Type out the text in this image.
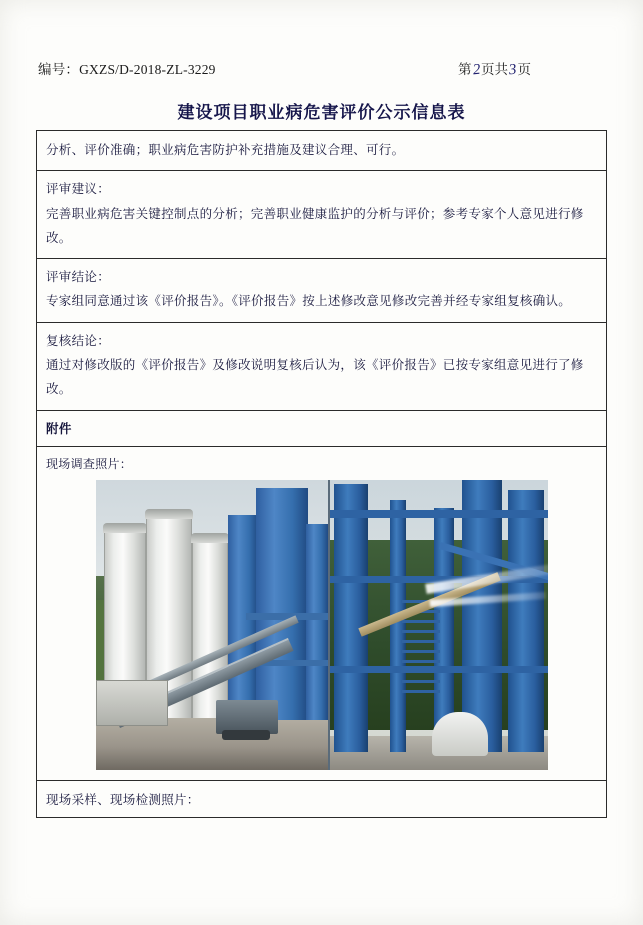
编号：GXZS/D-2018-ZL-3229	第2页共3页
建设项目职业病危害评价公示信息表
分析、评价准确；职业病危害防护补充措施及建议合理、可行。
评审建议：
完善职业病危害关键控制点的分析；完善职业健康监护的分析与评价；参考专家个人意见进行修改。
评审结论：
专家组同意通过该《评价报告》。《评价报告》按上述修改意见修改完善并经专家组复核确认。
复核结论：
通过对修改版的《评价报告》及修改说明复核后认为，该《评价报告》已按专家组意见进行了修改。
附件
现场调查照片：
现场采样、现场检测照片：
